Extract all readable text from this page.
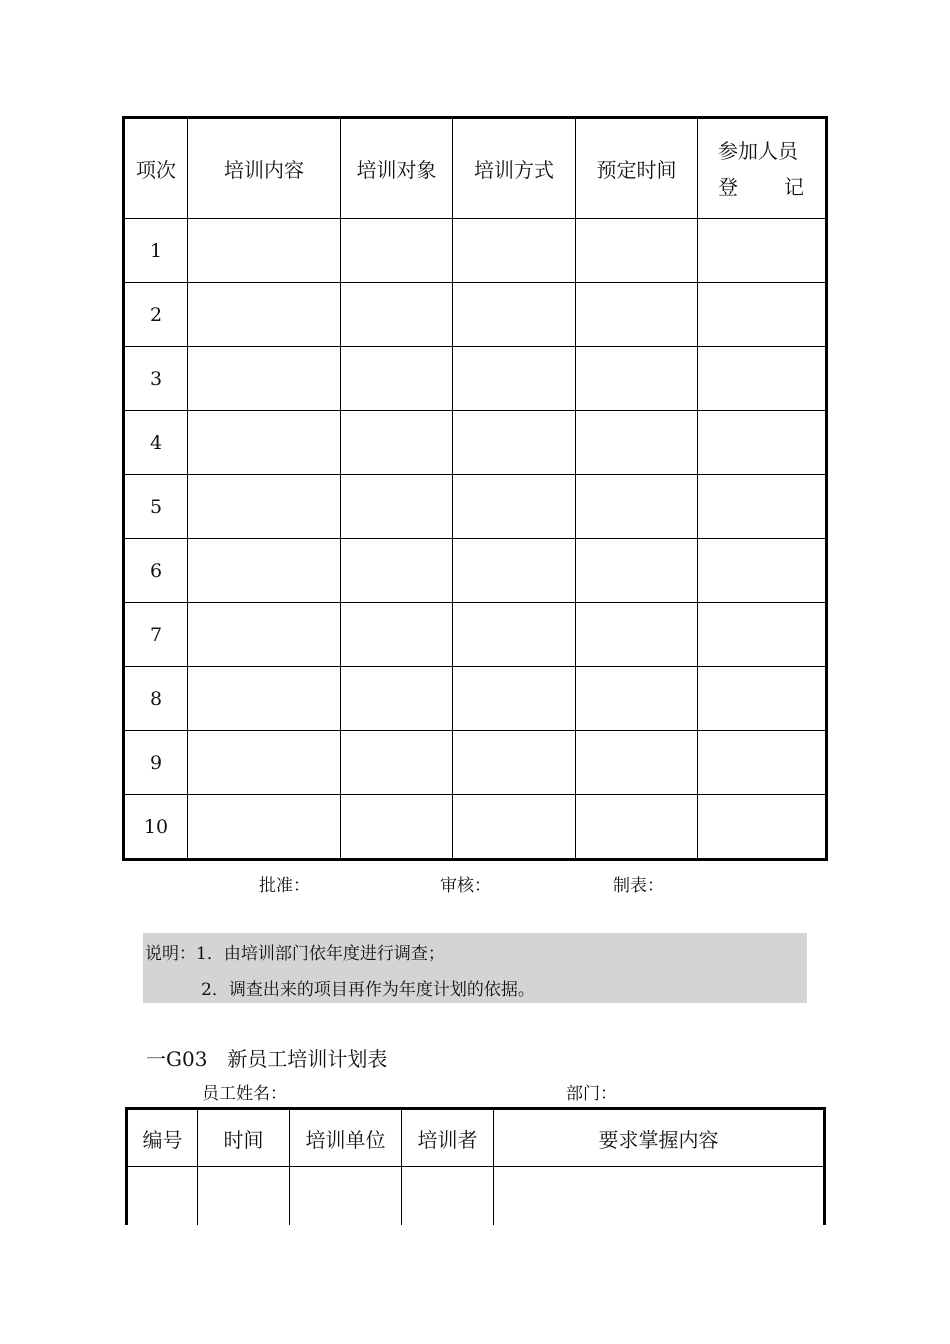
项次	培训内容	培训对象	培训方式	预定时间	参加人员
登 记

1					
2					
3					
4					
5					
6					
7					
8					
9					
10					
批准：	审核：	制表：
说明：1．由培训部门依年度进行调查；
2．调查出来的项目再作为年度计划的依据。
一G03　新员工培训计划表
员工姓名：	部门：
编号	时间	培训单位	培训者	要求掌握内容
